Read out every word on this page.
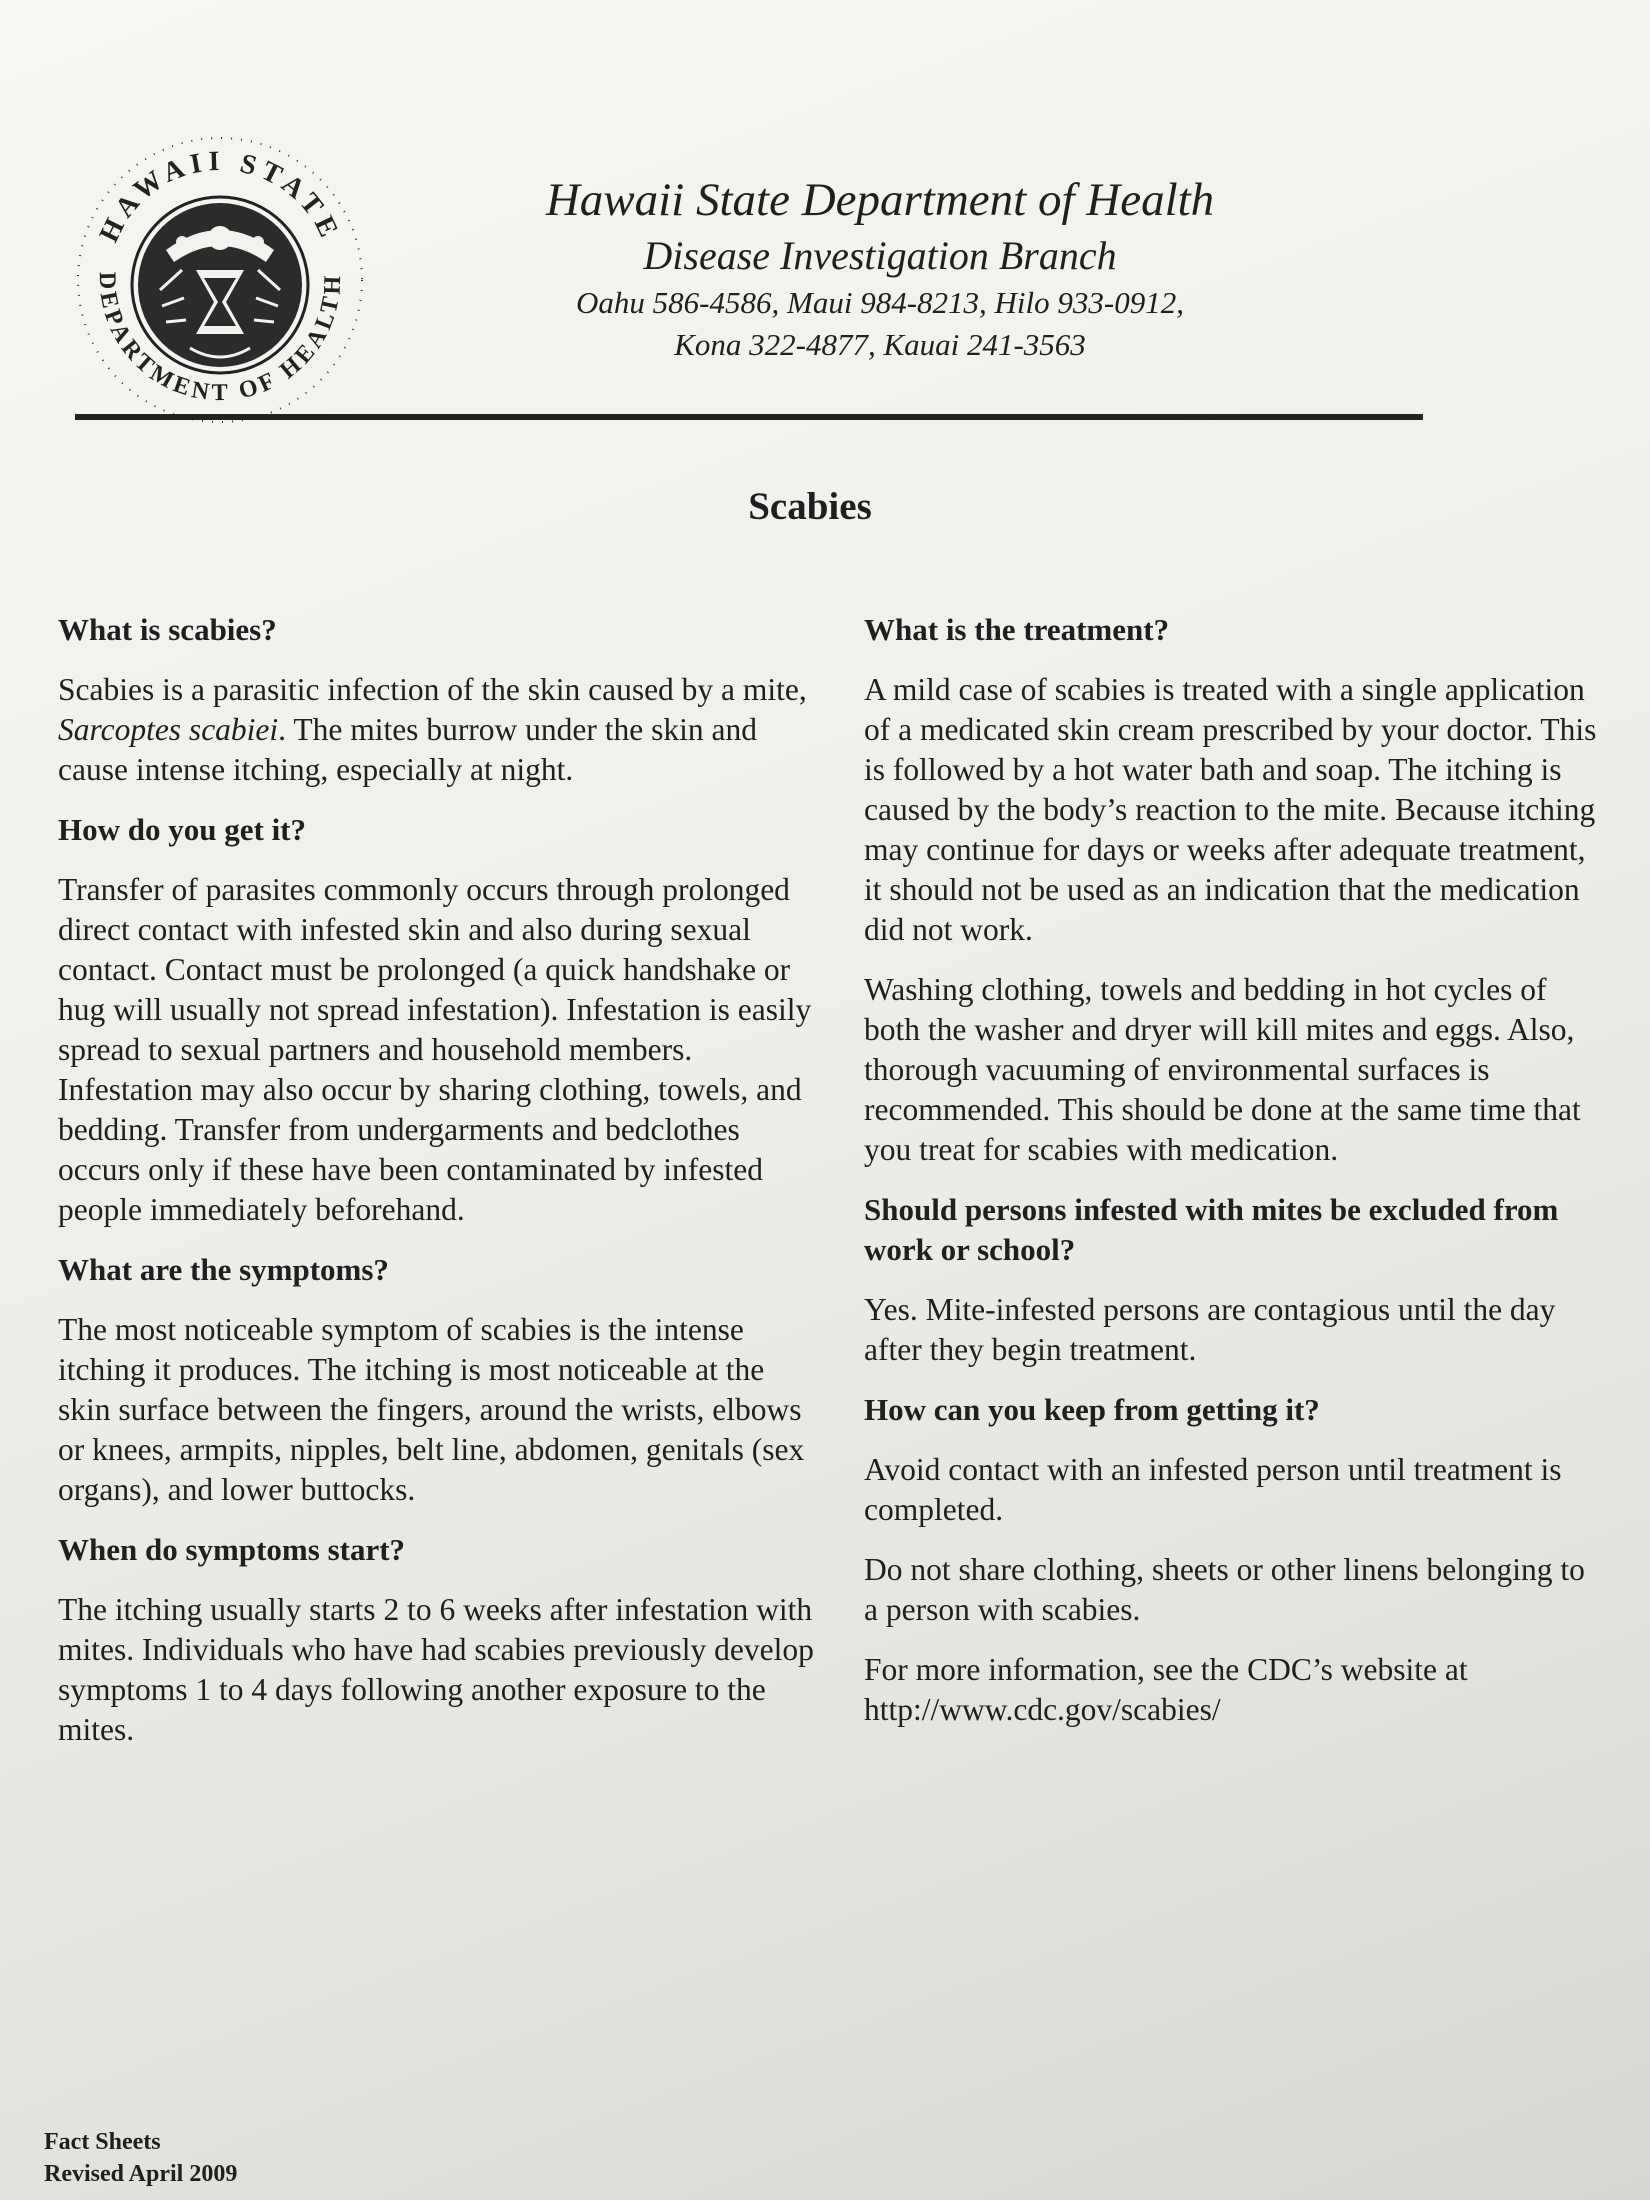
HAWAII STATE
DEPARTMENT OF HEALTH
Hawaii State Department of Health
Disease Investigation Branch
Oahu 586-4586, Maui 984-8213, Hilo 933-0912,
Kona 322-4877, Kauai 241-3563
Scabies
What is scabies?
Scabies is a parasitic infection of the skin caused by a mite, Sarcoptes scabiei. The mites burrow under the skin and cause intense itching, especially at night.
How do you get it?
Transfer of parasites commonly occurs through prolonged direct contact with infested skin and also during sexual contact. Contact must be prolonged (a quick handshake or hug will usually not spread infestation). Infestation is easily spread to sexual partners and household members. Infestation may also occur by sharing clothing, towels, and bedding. Transfer from undergarments and bedclothes occurs only if these have been contaminated by infested people immediately beforehand.
What are the symptoms?
The most noticeable symptom of scabies is the intense itching it produces. The itching is most noticeable at the skin surface between the fingers, around the wrists, elbows or knees, armpits, nipples, belt line, abdomen, genitals (sex organs), and lower buttocks.
When do symptoms start?
The itching usually starts 2 to 6 weeks after infestation with mites. Individuals who have had scabies previously develop symptoms 1 to 4 days following another exposure to the mites.
What is the treatment?
A mild case of scabies is treated with a single application of a medicated skin cream prescribed by your doctor. This is followed by a hot water bath and soap. The itching is caused by the body’s reaction to the mite. Because itching may continue for days or weeks after adequate treatment, it should not be used as an indication that the medication did not work.
Washing clothing, towels and bedding in hot cycles of both the washer and dryer will kill mites and eggs. Also, thorough vacuuming of environmental surfaces is recommended. This should be done at the same time that you treat for scabies with medication.
Should persons infested with mites be excluded from work or school?
Yes. Mite-infested persons are contagious until the day after they begin treatment.
How can you keep from getting it?
Avoid contact with an infested person until treatment is completed.
Do not share clothing, sheets or other linens belonging to a person with scabies.
For more information, see the CDC’s website at
http://www.cdc.gov/scabies/
Fact Sheets
Revised April 2009
